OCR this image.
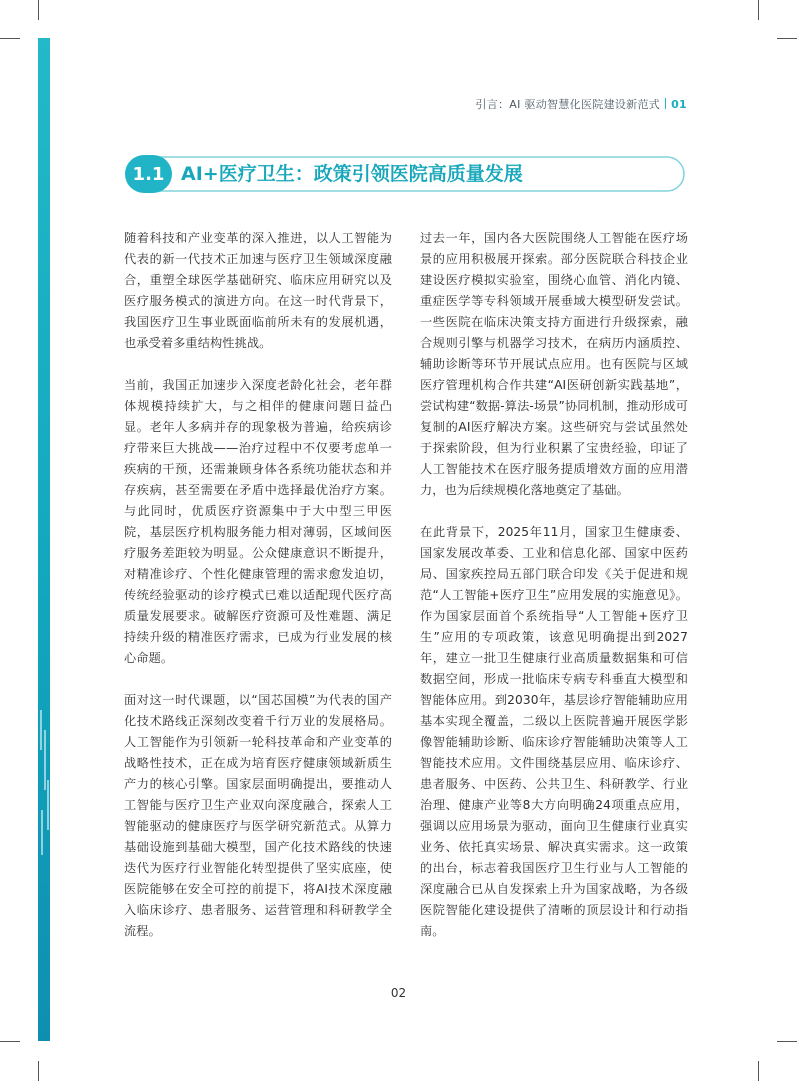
引言：AI 驱动智慧化医院建设新范式 01
1.1 AI+医疗卫生：政策引领医院高质量发展

随着科技和产业变革的深入推进，以人工智能为代表的新一代技术正加速与医疗卫生领域深度融合，重塑全球医学基础研究、临床应用研究以及医疗服务模式的演进方向。在这一时代背景下，我国医疗卫生事业既面临前所未有的发展机遇，也承受着多重结构性挑战。

当前，我国正加速步入深度老龄化社会，老年群体规模持续扩大，与之相伴的健康问题日益凸显。老年人多病并存的现象极为普遍，给疾病诊疗带来巨大挑战——治疗过程中不仅要考虑单一疾病的干预，还需兼顾身体各系统功能状态和并存疾病，甚至需要在矛盾中选择最优治疗方案。与此同时，优质医疗资源集中于大中型三甲医院，基层医疗机构服务能力相对薄弱，区域间医疗服务差距较为明显。公众健康意识不断提升，对精准诊疗、个性化健康管理的需求愈发迫切，传统经验驱动的诊疗模式已难以适配现代医疗高质量发展要求。破解医疗资源可及性难题、满足持续升级的精准医疗需求，已成为行业发展的核心命题。

面对这一时代课题，以“国芯国模”为代表的国产化技术路线正深刻改变着千行万业的发展格局。人工智能作为引领新一轮科技革命和产业变革的战略性技术，正在成为培育医疗健康领域新质生产力的核心引擎。国家层面明确提出，要推动人工智能与医疗卫生产业双向深度融合，探索人工智能驱动的健康医疗与医学研究新范式。从算力基础设施到基础大模型，国产化技术路线的快速迭代为医疗行业智能化转型提供了坚实底座，使医院能够在安全可控的前提下，将AI技术深度融入临床诊疗、患者服务、运营管理和科研教学全流程。

过去一年，国内各大医院围绕人工智能在医疗场景的应用积极展开探索。部分医院联合科技企业建设医疗模拟实验室，围绕心血管、消化内镜、重症医学等专科领域开展垂域大模型研发尝试。一些医院在临床决策支持方面进行升级探索，融合规则引擎与机器学习技术，在病历内涵质控、辅助诊断等环节开展试点应用。也有医院与区域医疗管理机构合作共建“AI医研创新实践基地”，尝试构建“数据-算法-场景”协同机制，推动形成可复制的AI医疗解决方案。这些研究与尝试虽然处于探索阶段，但为行业积累了宝贵经验，印证了人工智能技术在医疗服务提质增效方面的应用潜力，也为后续规模化落地奠定了基础。

在此背景下，2025年11月，国家卫生健康委、国家发展改革委、工业和信息化部、国家中医药局、国家疾控局五部门联合印发《关于促进和规范“人工智能+医疗卫生”应用发展的实施意见》。作为国家层面首个系统指导“人工智能+医疗卫生”应用的专项政策，该意见明确提出到2027年，建立一批卫生健康行业高质量数据集和可信数据空间，形成一批临床专病专科垂直大模型和智能体应用。到2030年，基层诊疗智能辅助应用基本实现全覆盖，二级以上医院普遍开展医学影像智能辅助诊断、临床诊疗智能辅助决策等人工智能技术应用。文件围绕基层应用、临床诊疗、患者服务、中医药、公共卫生、科研教学、行业治理、健康产业等8大方向明确24项重点应用，强调以应用场景为驱动，面向卫生健康行业真实业务、依托真实场景、解决真实需求。这一政策的出台，标志着我国医疗卫生行业与人工智能的深度融合已从自发探索上升为国家战略，为各级医院智能化建设提供了清晰的顶层设计和行动指南。

02
